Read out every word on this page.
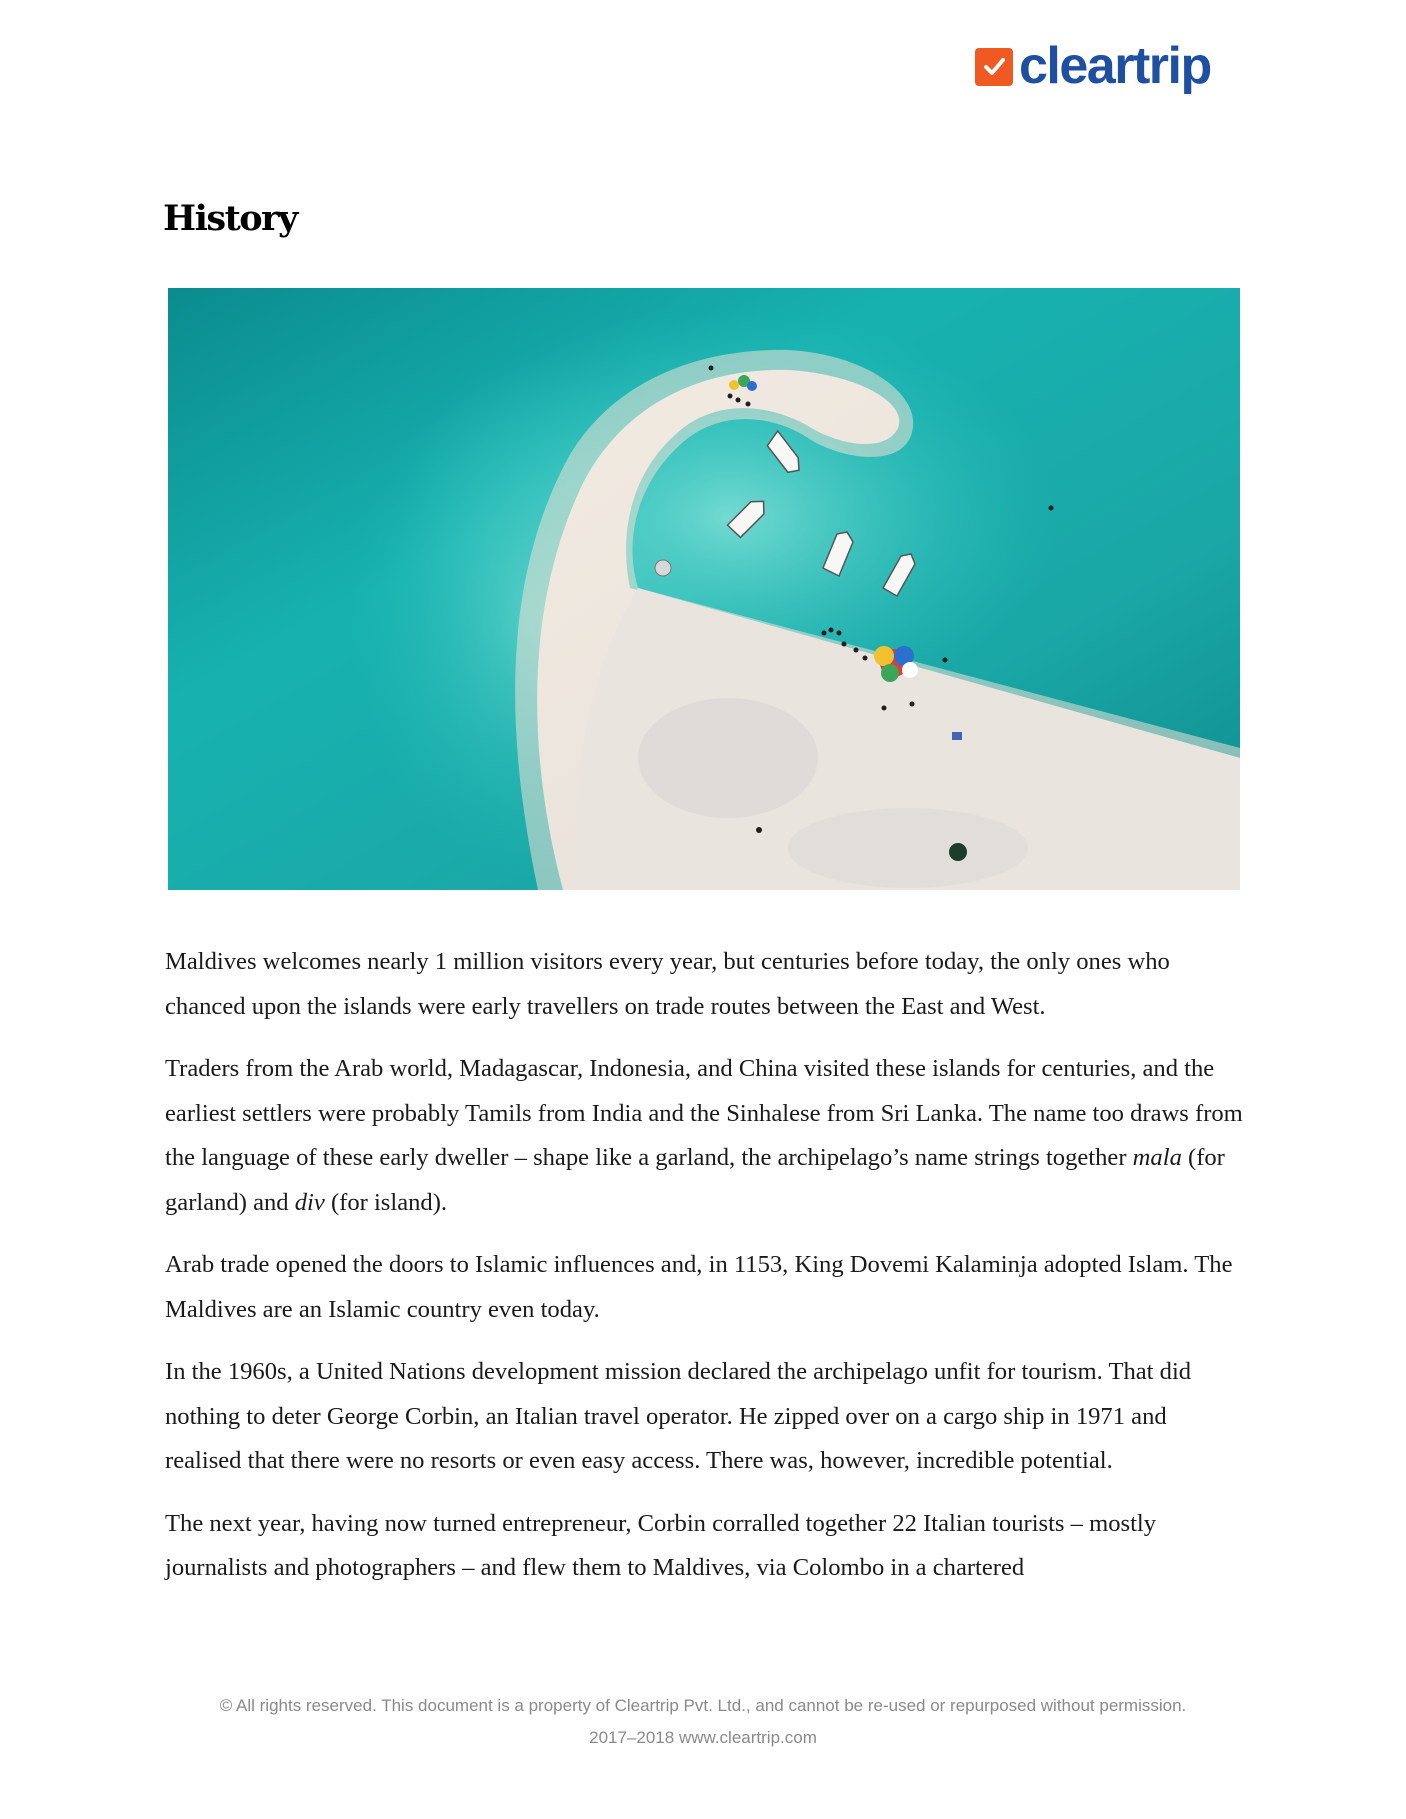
cleartrip
History

Maldives welcomes nearly 1 million visitors every year, but centuries before today, the only ones who chanced upon the islands were early travellers on trade routes between the East and West.

Traders from the Arab world, Madagascar, Indonesia, and China visited these islands for centuries, and the earliest settlers were probably Tamils from India and the Sinhalese from Sri Lanka. The name too draws from the language of these early dweller – shape like a garland, the archipelago’s name strings together mala (for garland) and div (for island).

Arab trade opened the doors to Islamic influences and, in 1153, King Dovemi Kalaminja adopted Islam. The Maldives are an Islamic country even today.

In the 1960s, a United Nations development mission declared the archipelago unfit for tourism. That did nothing to deter George Corbin, an Italian travel operator. He zipped over on a cargo ship in 1971 and realised that there were no resorts or even easy access. There was, however, incredible potential.

The next year, having now turned entrepreneur, Corbin corralled together 22 Italian tourists – mostly journalists and photographers – and flew them to Maldives, via Colombo in a chartered

© All rights reserved. This document is a property of Cleartrip Pvt. Ltd., and cannot be re-used or repurposed without permission.
2017–2018 www.cleartrip.com
